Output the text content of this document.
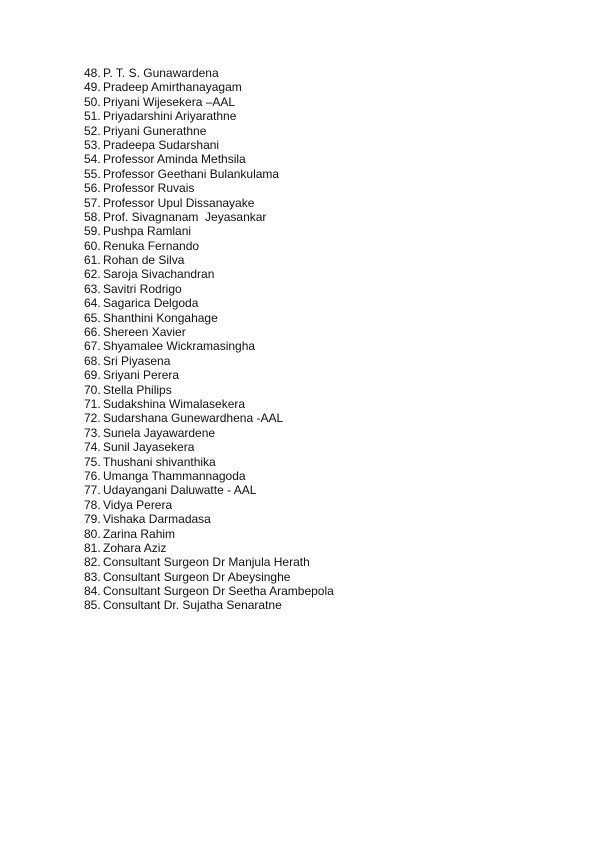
48. P. T. S. Gunawardena
49. Pradeep Amirthanayagam
50. Priyani Wijesekera –AAL
51. Priyadarshini Ariyarathne
52. Priyani Gunerathne
53. Pradeepa Sudarshani
54. Professor Aminda Methsila
55. Professor Geethani Bulankulama
56. Professor Ruvais
57. Professor Upul Dissanayake
58. Prof. Sivagnanam  Jeyasankar
59. Pushpa Ramlani
60. Renuka Fernando
61. Rohan de Silva
62. Saroja Sivachandran
63. Savitri Rodrigo
64. Sagarica Delgoda
65. Shanthini Kongahage
66. Shereen Xavier
67. Shyamalee Wickramasingha
68. Sri Piyasena
69. Sriyani Perera
70. Stella Philips
71. Sudakshina Wimalasekera
72. Sudarshana Gunewardhena -AAL
73. Sunela Jayawardene
74. Sunil Jayasekera
75. Thushani shivanthika
76. Umanga Thammannagoda
77. Udayangani Daluwatte - AAL
78. Vidya Perera
79. Vishaka Darmadasa
80. Zarina Rahim
81. Zohara Aziz
82. Consultant Surgeon Dr Manjula Herath
83. Consultant Surgeon Dr Abeysinghe
84. Consultant Surgeon Dr Seetha Arambepola
85. Consultant Dr. Sujatha Senaratne
